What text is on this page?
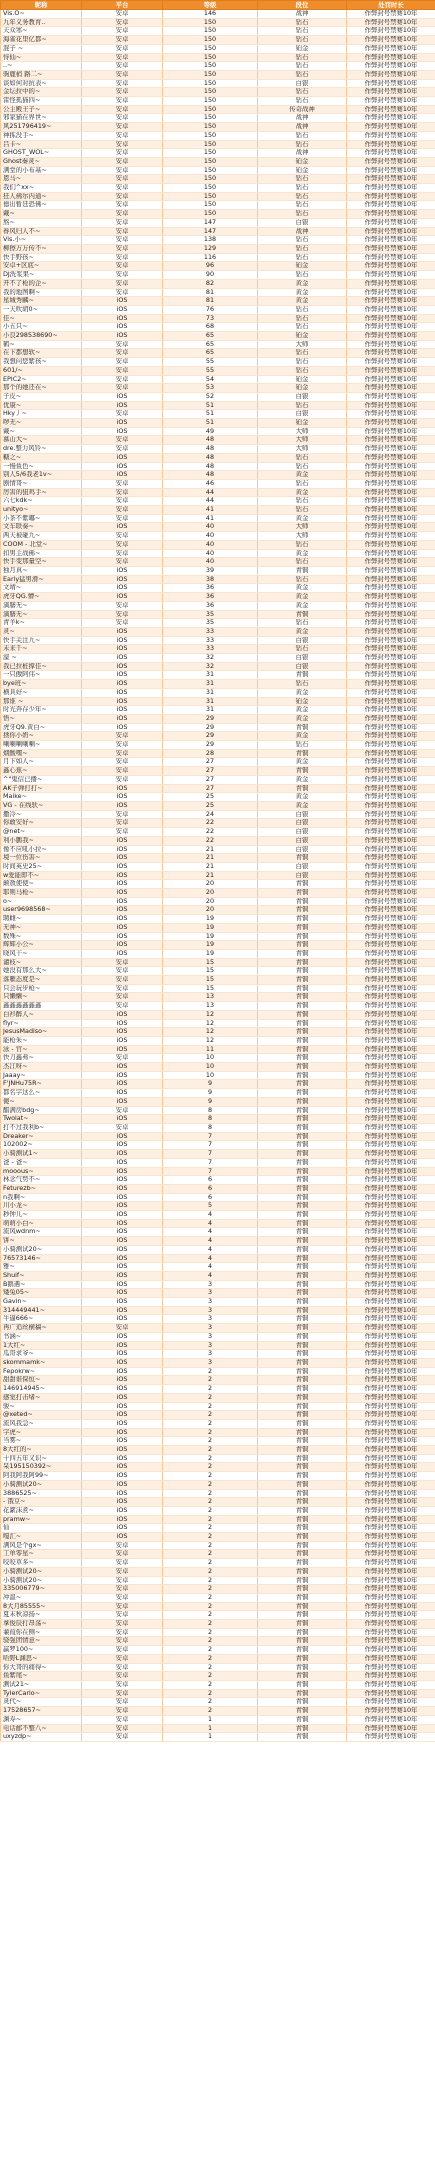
昵称	平台	等级	段位	处罚时长
Vis.O~	安卓	146	战神	作弊封号禁赛10年
九年义务教育..	安卓	150	钻石	作弊封号禁赛10年
天众寒~	安卓	150	钻石	作弊封号禁赛10年
海雀花里亿都~	安卓	150	钻石	作弊封号禁赛10年
混子 ~	安卓	150	铂金	作弊封号禁赛10年
恃仙~	安卓	150	钻石	作弊封号禁赛10年
..~	安卓	150	钻石	作弊封号禁赛10年
驹鹿梢 路二~	安卓	150	钻石	作弊封号禁赛10年
谈如何对抗表~	安卓	150	白银	作弊封号禁赛10年
金坛拉中的~	安卓	150	钻石	作弊封号禁赛10年
雷怪孤猫四~	安卓	150	钻石	作弊封号禁赛10年
公主殿王子~	安卓	150	传奇战神	作弊封号禁赛10年
邪家猫在界世~	安卓	150	战神	作弊封号禁赛10年
风251796419~	安卓	150	战神	作弊封号禁赛10年
神拣没手~	安卓	150	钻石	作弊封号禁赛10年
吕卡~	安卓	150	钻石	作弊封号禁赛10年
GHOST_WOL~	安卓	150	战神	作弊封号禁赛10年
Ghost秦灵~	安卓	150	铂金	作弊封号禁赛10年
满堂的小布基~	安卓	150	铂金	作弊封号禁赛10年
恩马~	安卓	150	钻石	作弊封号禁赛10年
我们^xx~	安卓	150	钻石	作弊封号禁赛10年
狂人佛尔内通~	安卓	150	钻石	作弊封号禁赛10年
德出暂廷恐佛~	安卓	150	钻石	作弊封号禁赛10年
戴~	安卓	150	钻石	作弊封号禁赛10年
熬~	安卓	147	白银	作弊封号禁赛10年
眷风归人不~	安卓	147	战神	作弊封号禁赛10年
Vis.小~	安卓	138	钻石	作弊封号禁赛10年
柳擦万万传不~	安卓	129	钻石	作弊封号禁赛10年
快手野孩~	安卓	116	钻石	作弊封号禁赛10年
安卓+区底~	安卓	96	铂金	作弊封号禁赛10年
DJ洗浆果~	安卓	90	钻石	作弊封号禁赛10年
开不了枪的企~	安卓	82	黄金	作弊封号禁赛10年
我的地图啊~	安卓	81	黄金	作弊封号禁赛10年
星城秀麟~	iOS	81	黄金	作弊封号禁赛10年
一天吹胡0~	iOS	76	钻石	作弊封号禁赛10年
佳~	iOS	73	钻石	作弊封号禁赛10年
小五只~	iOS	68	钻石	作弊封号禁赛10年
小良298538690~	iOS	65	铂金	作弊封号禁赛10年
鹤~	安卓	65	大师	作弊封号禁赛10年
在下都想软~	安卓	65	钻石	作弊封号禁赛10年
我想问您紫孩~	安卓	55	钻石	作弊封号禁赛10年
601/~	安卓	55	钻石	作弊封号禁赛10年
EPIC2~	安卓	54	铂金	作弊封号禁赛10年
那个的她还在~	安卓	53	铂金	作弊封号禁赛10年
子皮~	iOS	52	白银	作弊封号禁赛10年
优康~	iOS	51	钻石	作弊封号禁赛10年
Hky丿~	安卓	51	白银	作弊封号禁赛10年
哕无~	iOS	51	铂金	作弊封号禁赛10年
戴~	iOS	49	大师	作弊封号禁赛10年
慕山大~	安卓	48	大师	作弊封号禁赛10年
dre.整力风铃~	安卓	48	大师	作弊封号禁赛10年
糖之~	iOS	48	钻石	作弊封号禁赛10年
一慢鱼色~	iOS	48	钻石	作弊封号禁赛10年
别人5/6我老1v~	iOS	48	黄金	作弊封号禁赛10年
剧情哥~	安卓	46	钻石	作弊封号禁赛10年
厉害的狙鸡手~	安卓	44	黄金	作弊封号禁赛10年
六七kdk~	安卓	44	钻石	作弊封号禁赛10年
unityo~	安卓	41	钻石	作弊封号禁赛10年
小茶不紫嘟~	安卓	41	黄金	作弊封号禁赛10年
文车联奏~	iOS	40	大师	作弊封号禁赛10年
两天被碰九~	安卓	40	大师	作弊封号禁赛10年
COOM - 北堂~	安卓	40	钻石	作弊封号禁赛10年
扣男主战佛~	安卓	40	黄金	作弊封号禁赛10年
快手变那量空~	安卓	40	钻石	作弊封号禁赛10年
独月真~	iOS	39	青铜	作弊封号禁赛10年
Early猛男滑~	iOS	38	钻石	作弊封号禁赛10年
文靖~	iOS	36	黄金	作弊封号禁赛10年
虎牙QG.懵~	iOS	36	黄金	作弊封号禁赛10年
滴膳无~	安卓	36	黄金	作弊封号禁赛10年
滴膳无~	安卓	35	青铜	作弊封号禁赛10年
青羊k~	安卓	35	钻石	作弊封号禁赛10年
灵~	iOS	33	黄金	作弊封号禁赛10年
快手关注九~	iOS	33	白银	作弊封号禁赛10年
未来千~	iOS	33	钻石	作弊封号禁赛10年
濠 ~	iOS	32	白银	作弊封号禁赛10年
我已拉桩撑佳~	iOS	32	白银	作弊封号禁赛10年
一只傲阿伟~	iOS	31	青铜	作弊封号禁赛10年
bye班~	iOS	31	钻石	作弊封号禁赛10年
横具好~	iOS	31	黄金	作弊封号禁赛10年
那谁 ~	iOS	31	铂金	作弊封号禁赛10年
时光奔存少年~	iOS	31	黄金	作弊封号禁赛10年
悟~	iOS	29	黄金	作弊封号禁赛10年
虎牙Q9.黄白~	iOS	29	青铜	作弊封号禁赛10年
拯你小奶~	安卓	29	黄金	作弊封号禁赛10年
喇喇喇喇喇~	安卓	29	钻石	作弊封号禁赛10年
烟酸嘿~	安卓	28	青铜	作弊封号禁赛10年
月下如人~	安卓	27	黄金	作弊封号禁赛10年
鑫心蕉~	安卓	27	青铜	作弊封号禁赛10年
^"鬼信已播~	安卓	27	黄金	作弊封号禁赛10年
AK子弹打打~	iOS	27	青铜	作弊封号禁赛10年
Maike~	iOS	25	黄金	作弊封号禁赛10年
VG - 在线驮~	iOS	25	黄金	作弊封号禁赛10年
撒冷~	安卓	24	白银	作弊封号禁赛10年
你敢安好~	安卓	22	白银	作弊封号禁赛10年
@net~	安卓	22	白银	作弊封号禁赛10年
利小鹏我~	iOS	22	白银	作弊封号禁赛10年
像不应吼小拉~	iOS	21	白银	作弊封号禁赛10年
境一位伤害~	iOS	21	青铜	作弊封号禁赛10年
时间英史25~	iOS	21	白银	作弊封号禁赛10年
w愛能即不~	iOS	21	白银	作弊封号禁赛10年
颠敖使使~	iOS	20	青铜	作弊封号禁赛10年
耶则马枪~	iOS	20	青铜	作弊封号禁赛10年
o~	iOS	20	青铜	作弊封号禁赛10年
user9698568~	iOS	20	青铜	作弊封号禁赛10年
聘雌~	iOS	19	青铜	作弊封号禁赛10年
无神~	iOS	19	青铜	作弊封号禁赛10年
数殊~	iOS	19	青铜	作弊封号禁赛10年
辉辉小公~	iOS	19	青铜	作弊封号禁赛10年
晓风干~	iOS	19	青铜	作弊封号禁赛10年
谴枝~	安卓	15	青铜	作弊封号禁赛10年
她没有那么大~	安卓	15	青铜	作弊封号禁赛10年
落雁态度是~	安卓	15	青铜	作弊封号禁赛10年
只会玩步枪~	安卓	15	青铜	作弊封号禁赛10年
只懒懒~	安卓	13	青铜	作弊封号禁赛10年
鑫鑫鑫鑫鑫鑫	安卓	13	青铜	作弊封号禁赛10年
白衫醉人~	iOS	12	青铜	作弊封号禁赛10年
flyr~	iOS	12	青铜	作弊封号禁赛10年
JesusMadiso~	iOS	12	青铜	作弊封号禁赛10年
能枪朱~	iOS	12	青铜	作弊封号禁赛10年
泳 - 官~	iOS	11	青铜	作弊封号禁赛10年
快刀鑫弗~	安卓	10	青铜	作弊封号禁赛10年
杰江呀~	iOS	10	青铜	作弊封号禁赛10年
Jaaay~	iOS	10	青铜	作弊封号禁赛10年
F'JNHu75R~	iOS	9	青铜	作弊封号禁赛10年
都名字这么~	iOS	9	青铜	作弊封号禁赛10年
傻~	iOS	9	青铜	作弊封号禁赛10年
醋满房bdg~	安卓	8	青铜	作弊封号禁赛10年
Twolat~	iOS	8	青铜	作弊封号禁赛10年
打不过我利b~	安卓	8	青铜	作弊封号禁赛10年
Dreaker~	iOS	7	青铜	作弊封号禁赛10年
102002~	iOS	7	青铜	作弊封号禁赛10年
小骑测试1~	iOS	7	青铜	作弊封号禁赛10年
爸 - 爸~	iOS	7	青铜	作弊封号禁赛10年
mooous~	iOS	7	青铜	作弊封号禁赛10年
林念气势不~	iOS	6	青铜	作弊封号禁赛10年
Feturezb~	iOS	6	青铜	作弊封号禁赛10年
n我啊~	iOS	6	青铜	作弊封号禁赛10年
川小龙~	iOS	5	青铜	作弊封号禁赛10年
秒钟儿~	iOS	4	青铜	作弊封号禁赛10年
萌萌小白~	iOS	4	青铜	作弊封号禁赛10年
流风wdnm~	iOS	4	青铜	作弊封号禁赛10年
饼~	iOS	4	青铜	作弊封号禁赛10年
小骑测试20~	iOS	4	青铜	作弊封号禁赛10年
76573146~	iOS	4	青铜	作弊封号禁赛10年
雅~	iOS	4	青铜	作弊封号禁赛10年
Shuif~	iOS	4	青铜	作弊封号禁赛10年
B鹅遇~	iOS	3	青铜	作弊封号禁赛10年
矮兔05~	iOS	3	青铜	作弊封号禁赛10年
Gavin~	iOS	3	青铜	作弊封号禁赛10年
314449441~	iOS	3	青铜	作弊封号禁赛10年
牛逼666~	iOS	3	青铜	作弊封号禁赛10年
再广追丝横稿~	安卓	3	青铜	作弊封号禁赛10年
书涵~	iOS	3	青铜	作弊封号禁赛10年
1大红~	iOS	3	青铜	作弊封号禁赛10年
瓜哥求爷~	iOS	3	青铜	作弊封号禁赛10年
skommamk~	iOS	3	青铜	作弊封号禁赛10年
Fepokrw~	iOS	2	青铜	作弊封号禁赛10年
甜甜谁保恒~	iOS	2	青铜	作弊封号禁赛10年
146914945~	iOS	2	青铜	作弊封号禁赛10年
感觉打击堵~	iOS	2	青铜	作弊封号禁赛10年
骏~	iOS	2	青铜	作弊封号禁赛10年
@xeted~	iOS	2	青铜	作弊封号禁赛10年
流风我急~	iOS	2	青铜	作弊封号禁赛10年
字虎~	iOS	2	青铜	作弊封号禁赛10年
当雾~	iOS	2	青铜	作弊封号禁赛10年
8大红的~	iOS	2	青铜	作弊封号禁赛10年
十四五年又识~	iOS	2	青铜	作弊封号禁赛10年
呆195150392~	iOS	2	青铜	作弊封号禁赛10年
阿我阿我阿99~	iOS	2	青铜	作弊封号禁赛10年
小骑测试20~	iOS	2	青铜	作弊封号禁赛10年
3886525~	iOS	2	青铜	作弊封号禁赛10年
- 饿豆~	iOS	2	青铜	作弊封号禁赛10年
花絮沫煮~	iOS	2	青铜	作弊封号禁赛10年
pramw~	iOS	2	青铜	作弊封号禁赛10年
仙	iOS	2	青铜	作弊封号禁赛10年
嘎汇~	iOS	2	青铜	作弊封号禁赛10年
满风是个gx~	安卓	2	青铜	作弊封号禁赛10年
工单零星~	安卓	2	青铜	作弊封号禁赛10年
咬咬草多~	安卓	2	青铜	作弊封号禁赛10年
小骑测试20~	安卓	2	青铜	作弊封号禁赛10年
小骑测试20~	安卓	2	青铜	作弊封号禁赛10年
335006779~	安卓	2	青铜	作弊封号禁赛10年
冲温~	安卓	2	青铜	作弊封号禁赛10年
8大月85555~	安卓	2	青铜	作弊封号禁赛10年
夏末秋凉扬~	安卓	2	青铜	作弊封号禁赛10年
拿俊辰打昂荡~	安卓	2	青铜	作弊封号禁赛10年
蒹葭你在侧~	安卓	2	青铜	作弊封号禁赛10年
骁强团情意~	安卓	2	青铜	作弊封号禁赛10年
赢罗100~	安卓	2	青铜	作弊封号禁赛10年
哈野L渊思~	安卓	2	青铜	作弊封号禁赛10年
你大哥的痛得~	安卓	2	青铜	作弊封号禁赛10年
鱼紫尾~	安卓	2	青铜	作弊封号禁赛10年
测试21~	安卓	2	青铜	作弊封号禁赛10年
TylerCarlo~	安卓	2	青铜	作弊封号禁赛10年
灵代~	安卓	2	青铜	作弊封号禁赛10年
17528657~	安卓	2	青铜	作弊封号禁赛10年
渊寿~	安卓	1	青铜	作弊封号禁赛10年
电话邮不整八~	安卓	1	青铜	作弊封号禁赛10年
uxyzdp~	安卓	1	青铜	作弊封号禁赛10年
